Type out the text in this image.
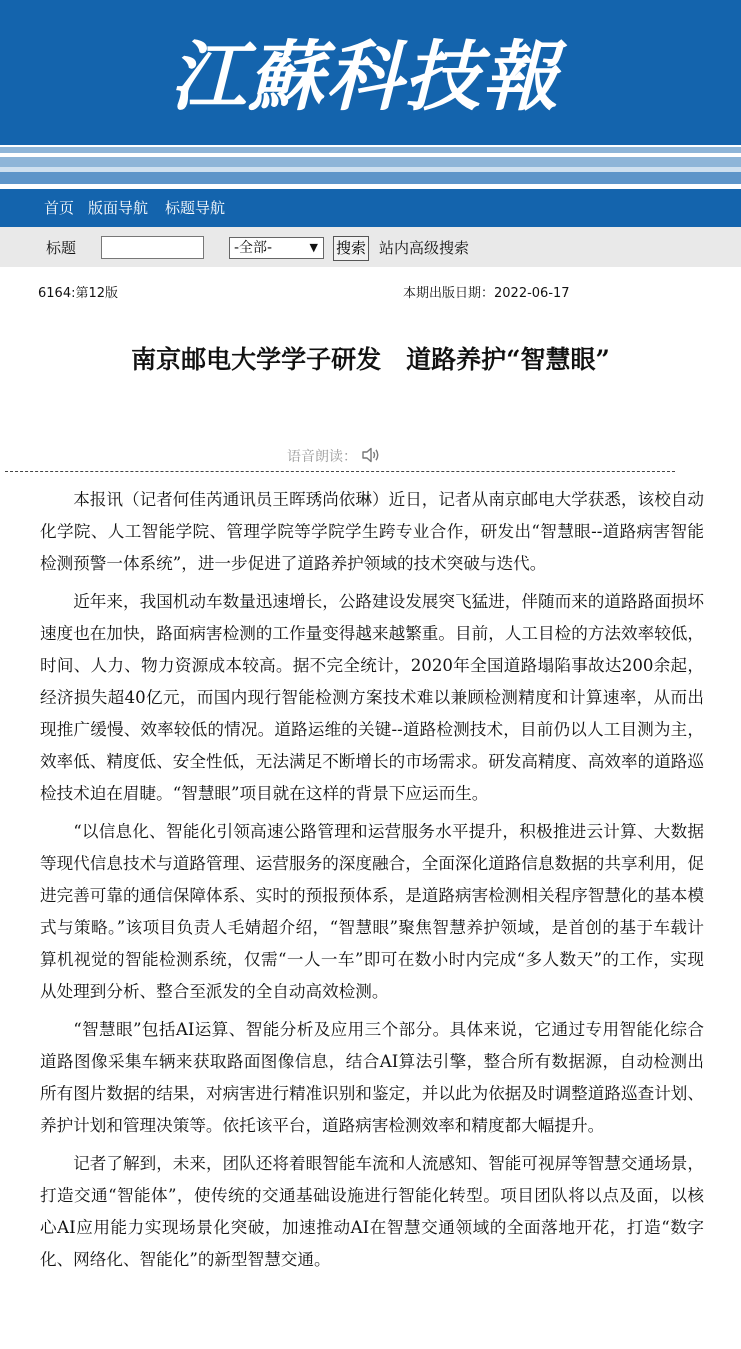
江蘇科技報
首页 版面导航 标题导航
标题	-全部-	▼ 搜索 站内高级搜索
6164:第12版	本期出版日期：2022-06-17
南京邮电大学学子研发　道路养护“智慧眼”
语音朗读：

本报讯（记者何佳芮通讯员王晖琇尚依琳）近日，记者从南京邮电大学获悉，该校自动化学院、人工智能学院、管理学院等学院学生跨专业合作，研发出“智慧眼--道路病害智能检测预警一体系统”，进一步促进了道路养护领域的技术突破与迭代。

近年来，我国机动车数量迅速增长，公路建设发展突飞猛进，伴随而来的道路路面损坏速度也在加快，路面病害检测的工作量变得越来越繁重。目前，人工目检的方法效率较低，时间、人力、物力资源成本较高。据不完全统计，2020年全国道路塌陷事故达200余起，经济损失超40亿元，而国内现行智能检测方案技术难以兼顾检测精度和计算速率，从而出现推广缓慢、效率较低的情况。道路运维的关键--道路检测技术，目前仍以人工目测为主，效率低、精度低、安全性低，无法满足不断增长的市场需求。研发高精度、高效率的道路巡检技术迫在眉睫。“智慧眼”项目就在这样的背景下应运而生。

“以信息化、智能化引领高速公路管理和运营服务水平提升，积极推进云计算、大数据等现代信息技术与道路管理、运营服务的深度融合，全面深化道路信息数据的共享利用，促进完善可靠的通信保障体系、实时的预报预体系，是道路病害检测相关程序智慧化的基本模式与策略。”该项目负责人毛婧超介绍，“智慧眼”聚焦智慧养护领域，是首创的基于车载计算机视觉的智能检测系统，仅需“一人一车”即可在数小时内完成“多人数天”的工作，实现从处理到分析、整合至派发的全自动高效检测。

“智慧眼”包括AI运算、智能分析及应用三个部分。具体来说，它通过专用智能化综合道路图像采集车辆来获取路面图像信息，结合AI算法引擎，整合所有数据源，自动检测出所有图片数据的结果，对病害进行精准识别和鉴定，并以此为依据及时调整道路巡查计划、养护计划和管理决策等。依托该平台，道路病害检测效率和精度都大幅提升。

记者了解到，未来，团队还将着眼智能车流和人流感知、智能可视屏等智慧交通场景，打造交通“智能体”，使传统的交通基础设施进行智能化转型。项目团队将以点及面，以核心AI应用能力实现场景化突破，加速推动AI在智慧交通领域的全面落地开花，打造“数字化、网络化、智能化”的新型智慧交通。
